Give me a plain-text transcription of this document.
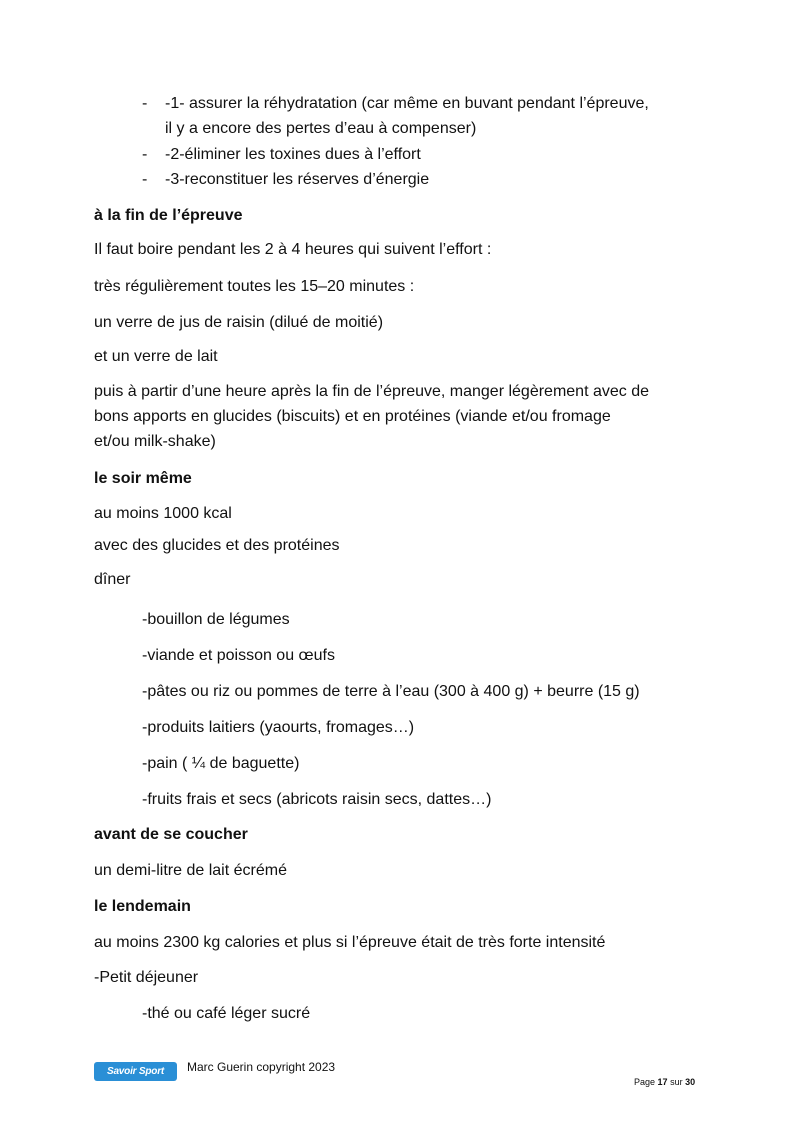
- -1- assurer la réhydratation (car même en buvant pendant l’épreuve,
il y a encore des pertes d’eau à compenser)
- -2-éliminer les toxines dues à l’effort
- -3-reconstituer les réserves d’énergie
à la fin de l’épreuve
Il faut boire pendant les 2 à 4 heures qui suivent l’effort :
très régulièrement toutes les 15–20 minutes :
un verre de jus de raisin (dilué de moitié)
et un verre de lait
puis à partir d’une heure après la fin de l’épreuve, manger légèrement avec de
bons apports en glucides (biscuits) et en protéines (viande et/ou fromage
et/ou milk-shake)
le soir même
au moins 1000 kcal
avec des glucides et des protéines
dîner
-bouillon de légumes
-viande et poisson ou œufs
-pâtes ou riz ou pommes de terre à l’eau (300 à 400 g) + beurre (15 g)
-produits laitiers (yaourts, fromages…)
-pain ( ¼ de baguette)
-fruits frais et secs (abricots raisin secs, dattes…)
avant de se coucher
un demi-litre de lait écrémé
le lendemain
au moins 2300 kg calories et plus si l’épreuve était de très forte intensité
-Petit déjeuner
-thé ou café léger sucré
Savoir Sport Santé
Marc Guerin copyright 2023
Page 17 sur 30
